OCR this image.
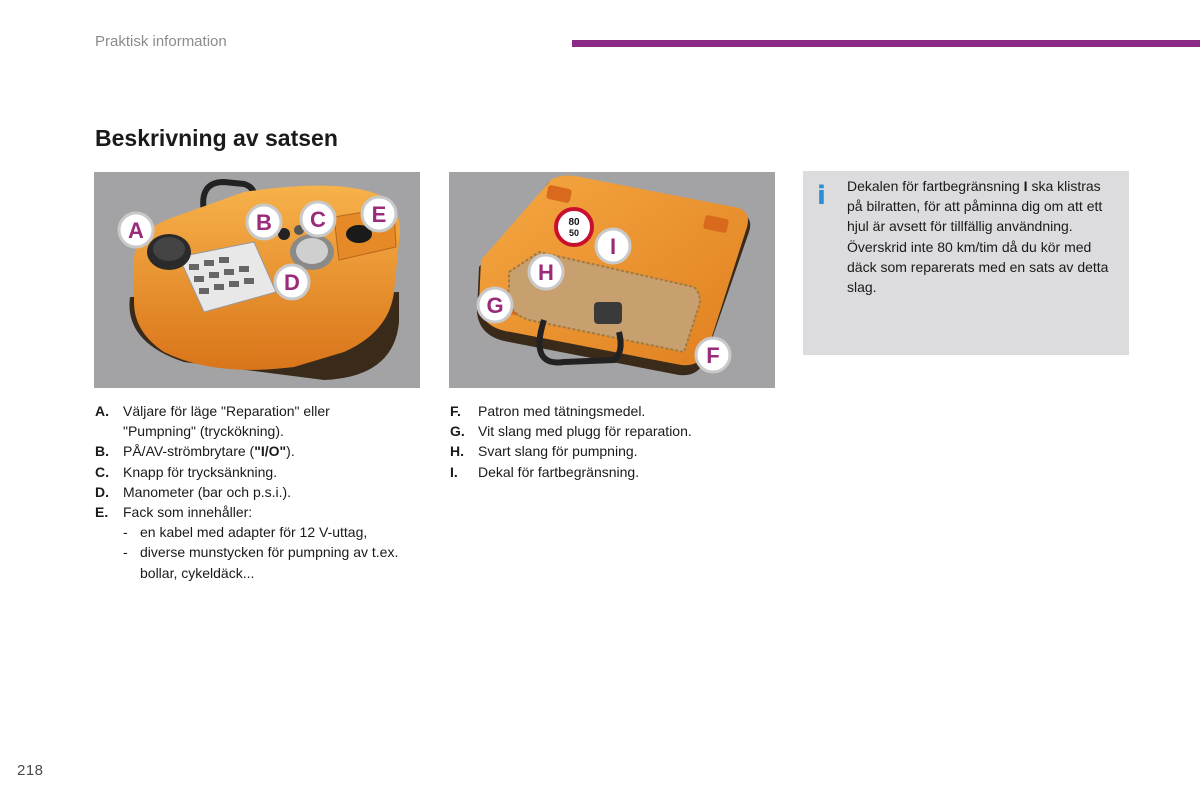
Praktisk information
Beskrivning av satsen
A	B C
D
E	80
50
I
H
G
F
A.	Väljare för läge "Reparation" eller "Pumpning" (tryckökning).
B.	PÅ/AV-strömbrytare ("I/O").
C.	Knapp för trycksänkning.
D.	Manometer (bar och p.s.i.).
E.	Fack som innehåller:
- en kabel med adapter för 12 V-uttag,
- diverse munstycken för pumpning av t.ex. bollar, cykeldäck...
F.	Patron med tätningsmedel.
G. Vit slang med plugg för reparation.
H.	Svart slang för pumpning.
I.	Dekal för fartbegränsning.
i Dekalen för fartbegränsning I ska klistras på bilratten, för att påminna dig om att ett hjul är avsett för tillfällig användning.
Överskrid inte 80 km/tim då du kör med däck som reparerats med en sats av detta slag.
218
